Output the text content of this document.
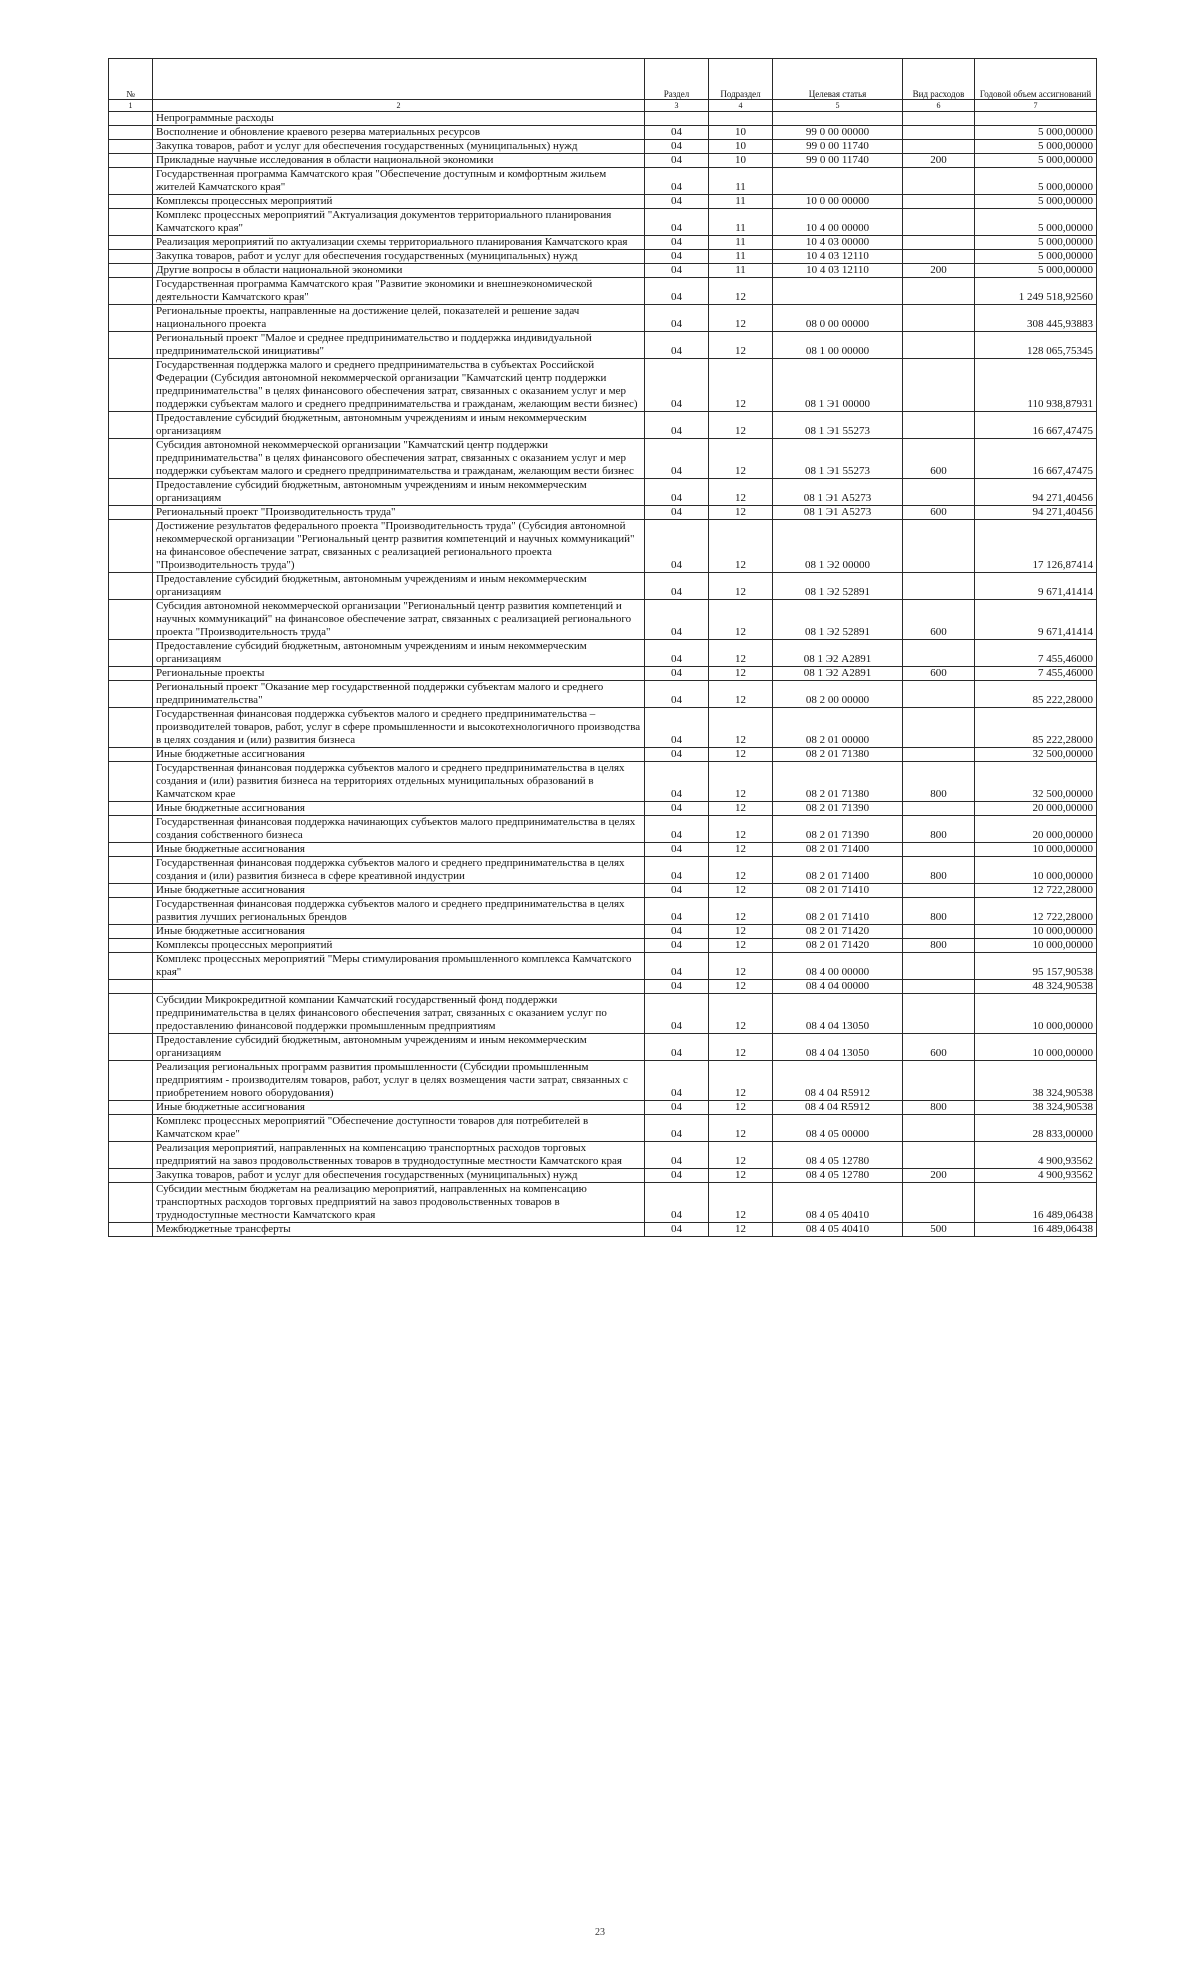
№		Раздел	Подраздел	Целевая статья	Вид расходов	Годовой объем ассигнований
1	2	3	4	5	6	7
	Непрограммные расходы					
	Восполнение и обновление краевого резерва материальных ресурсов	04	10	99 0 00 00000		5 000,00000
	Закупка товаров, работ и услуг для обеспечения государственных (муниципальных) нужд	04	10	99 0 00 11740		5 000,00000
	Прикладные научные исследования в области национальной экономики	04	10	99 0 00 11740	200	5 000,00000
	Государственная программа Камчатского края "Обеспечение доступным и комфортным жильем жителей Камчатского края"	04	11			5 000,00000
	Комплексы процессных мероприятий	04	11	10 0 00 00000		5 000,00000
	Комплекс процессных мероприятий "Актуализация документов территориального планирования Камчатского края"	04	11	10 4 00 00000		5 000,00000
	Реализация мероприятий по актуализации схемы территориального планирования Камчатского края	04	11	10 4 03 00000		5 000,00000
	Закупка товаров, работ и услуг для обеспечения государственных (муниципальных) нужд	04	11	10 4 03 12110		5 000,00000
	Другие вопросы в области национальной экономики	04	11	10 4 03 12110	200	5 000,00000
	Государственная программа Камчатского края "Развитие экономики и внешнеэкономической деятельности Камчатского края"	04	12			1 249 518,92560
	Региональные проекты, направленные на достижение целей, показателей и решение задач национального проекта	04	12	08 0 00 00000		308 445,93883
	Региональный проект "Малое и среднее предпринимательство и поддержка индивидуальной предпринимательской инициативы"	04	12	08 1 00 00000		128 065,75345
	Государственная поддержка малого и среднего предпринимательства в субъектах Российской Федерации (Субсидия автономной некоммерческой организации "Камчатский центр поддержки предпринимательства" в целях финансового обеспечения затрат, связанных с оказанием услуг и мер поддержки субъектам малого и среднего предпринимательства и гражданам, желающим вести бизнес)	04	12	08 1 Э1 00000		110 938,87931
	Предоставление субсидий бюджетным, автономным учреждениям и иным некоммерческим организациям	04	12	08 1 Э1 55273		16 667,47475
	Субсидия автономной некоммерческой организации "Камчатский центр поддержки предпринимательства" в целях финансового обеспечения затрат, связанных с оказанием услуг и мер поддержки субъектам малого и среднего предпринимательства и гражданам, желающим вести бизнес	04	12	08 1 Э1 55273	600	16 667,47475
	Предоставление субсидий бюджетным, автономным учреждениям и иным некоммерческим организациям	04	12	08 1 Э1 А5273		94 271,40456
	Региональный проект "Производительность труда"	04	12	08 1 Э1 А5273	600	94 271,40456
	Достижение результатов федерального проекта "Производительность труда" (Субсидия автономной некоммерческой организации "Региональный центр развития компетенций и научных коммуникаций" на финансовое обеспечение затрат, связанных с реализацией регионального проекта "Производительность труда")	04	12	08 1 Э2 00000		17 126,87414
	Предоставление субсидий бюджетным, автономным учреждениям и иным некоммерческим организациям	04	12	08 1 Э2 52891		9 671,41414
	Субсидия автономной некоммерческой организации "Региональный центр развития компетенций и научных коммуникаций" на финансовое обеспечение затрат, связанных с реализацией регионального проекта "Производительность труда"	04	12	08 1 Э2 52891	600	9 671,41414
	Предоставление субсидий бюджетным, автономным учреждениям и иным некоммерческим организациям	04	12	08 1 Э2 А2891		7 455,46000
	Региональные проекты	04	12	08 1 Э2 А2891	600	7 455,46000
	Региональный проект "Оказание мер государственной поддержки субъектам малого и среднего предпринимательства"	04	12	08 2 00 00000		85 222,28000
	Государственная финансовая поддержка субъектов малого и среднего предпринимательства – производителей товаров, работ, услуг в сфере промышленности и высокотехнологичного производства в целях создания и (или) развития бизнеса	04	12	08 2 01 00000		85 222,28000
	Иные бюджетные ассигнования	04	12	08 2 01 71380		32 500,00000
	Государственная финансовая поддержка субъектов малого и среднего предпринимательства в целях создания и (или) развития бизнеса на территориях отдельных муниципальных образований в Камчатском крае	04	12	08 2 01 71380	800	32 500,00000
	Иные бюджетные ассигнования	04	12	08 2 01 71390		20 000,00000
	Государственная финансовая поддержка начинающих субъектов малого предпринимательства в целях создания собственного бизнеса	04	12	08 2 01 71390	800	20 000,00000
	Иные бюджетные ассигнования	04	12	08 2 01 71400		10 000,00000
	Государственная финансовая поддержка субъектов малого и среднего предпринимательства в целях создания и (или) развития бизнеса в сфере креативной индустрии	04	12	08 2 01 71400	800	10 000,00000
	Иные бюджетные ассигнования	04	12	08 2 01 71410		12 722,28000
	Государственная финансовая поддержка субъектов малого и среднего предпринимательства в целях развития лучших региональных брендов	04	12	08 2 01 71410	800	12 722,28000
	Иные бюджетные ассигнования	04	12	08 2 01 71420		10 000,00000
	Комплексы процессных мероприятий	04	12	08 2 01 71420	800	10 000,00000
	Комплекс процессных мероприятий "Меры стимулирования промышленного комплекса Камчатского края"	04	12	08 4 00 00000		95 157,90538
		04	12	08 4 04 00000		48 324,90538
	Субсидии Микрокредитной компании Камчатский государственный фонд поддержки предпринимательства в целях финансового обеспечения затрат, связанных с оказанием услуг по предоставлению финансовой поддержки промышленным предприятиям	04	12	08 4 04 13050		10 000,00000
	Предоставление субсидий бюджетным, автономным учреждениям и иным некоммерческим организациям	04	12	08 4 04 13050	600	10 000,00000
	Реализация региональных программ развития промышленности (Субсидии промышленным предприятиям - производителям товаров, работ, услуг в целях возмещения части затрат, связанных с приобретением нового оборудования)	04	12	08 4 04 R5912		38 324,90538
	Иные бюджетные ассигнования	04	12	08 4 04 R5912	800	38 324,90538
	Комплекс процессных мероприятий "Обеспечение доступности товаров для потребителей в Камчатском крае"	04	12	08 4 05 00000		28 833,00000
	Реализация мероприятий, направленных на компенсацию транспортных расходов торговых предприятий на завоз продовольственных товаров в труднодоступные местности Камчатского края	04	12	08 4 05 12780		4 900,93562
	Закупка товаров, работ и услуг для обеспечения государственных (муниципальных) нужд	04	12	08 4 05 12780	200	4 900,93562
	Субсидии местным бюджетам на реализацию мероприятий, направленных на компенсацию транспортных расходов торговых предприятий на завоз продовольственных товаров в труднодоступные местности Камчатского края	04	12	08 4 05 40410		16 489,06438
	Межбюджетные трансферты	04	12	08 4 05 40410	500	16 489,06438
23
